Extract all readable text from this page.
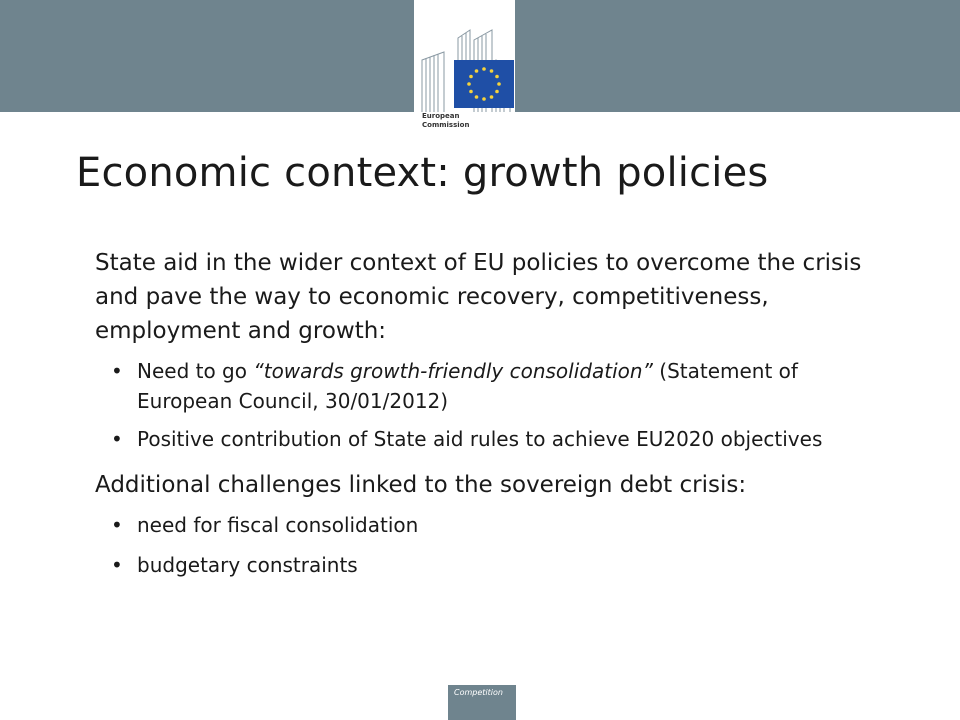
European
Commission
Economic context: growth policies

State aid in the wider context of EU policies to overcome the crisis and pave the way to economic recovery, competitiveness, employment and growth:

• Need to go “towards growth-friendly consolidation” (Statement of European Council, 30/01/2012)
• Positive contribution of State aid rules to achieve EU2020 objectives

Additional challenges linked to the sovereign debt crisis:

• need for fiscal consolidation
• budgetary constraints
Competition
